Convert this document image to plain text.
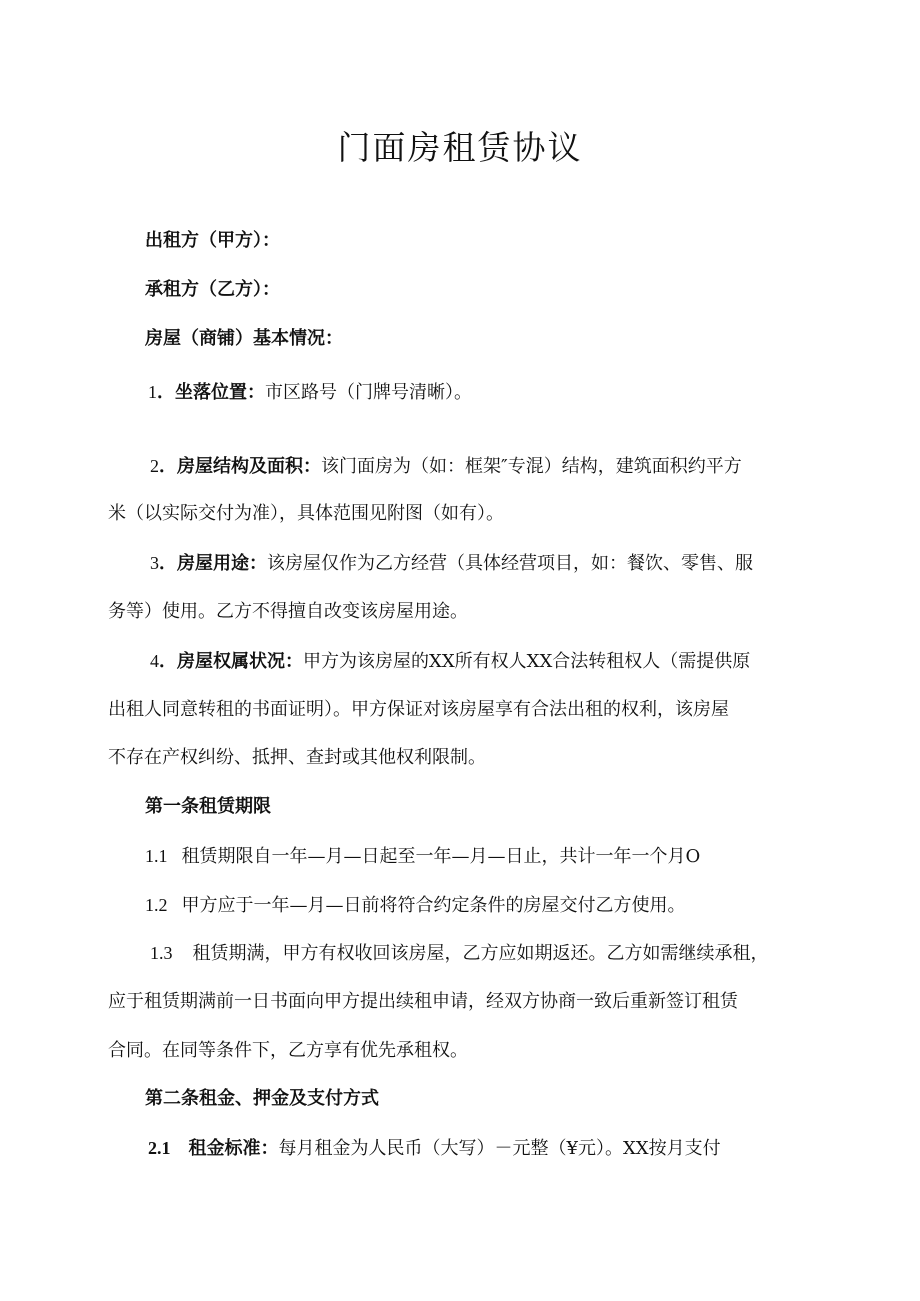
门面房租赁协议
出租方（甲方）：
承租方（乙方）：
房屋（商铺）基本情况：
1．坐落位置：市区路号（门牌号清晰）。
2．房屋结构及面积：该门面房为（如：框架″专混）结构，建筑面积约平方
米（以实际交付为准），具体范围见附图（如有）。
3．房屋用途：该房屋仅作为乙方经营（具体经营项目，如：餐饮、零售、服
务等）使用。乙方不得擅自改变该房屋用途。
4．房屋权属状况：甲方为该房屋的XX所有权人XX合法转租权人（需提供原
出租人同意转租的书面证明）。甲方保证对该房屋享有合法出租的权利，该房屋
不存在产权纠纷、抵押、查封或其他权利限制。
第一条租赁期限
1.1 租赁期限自一年—月—日起至一年—月—日止，共计一年一个月O
1.2 甲方应于一年—月—日前将符合约定条件的房屋交付乙方使用。
1.3 租赁期满，甲方有权收回该房屋，乙方应如期返还。乙方如需继续承租，
应于租赁期满前一日书面向甲方提出续租申请，经双方协商一致后重新签订租赁
合同。在同等条件下，乙方享有优先承租权。
第二条租金、押金及支付方式
2.1 租金标准：每月租金为人民币（大写）－元整（¥元）。XX按月支付
